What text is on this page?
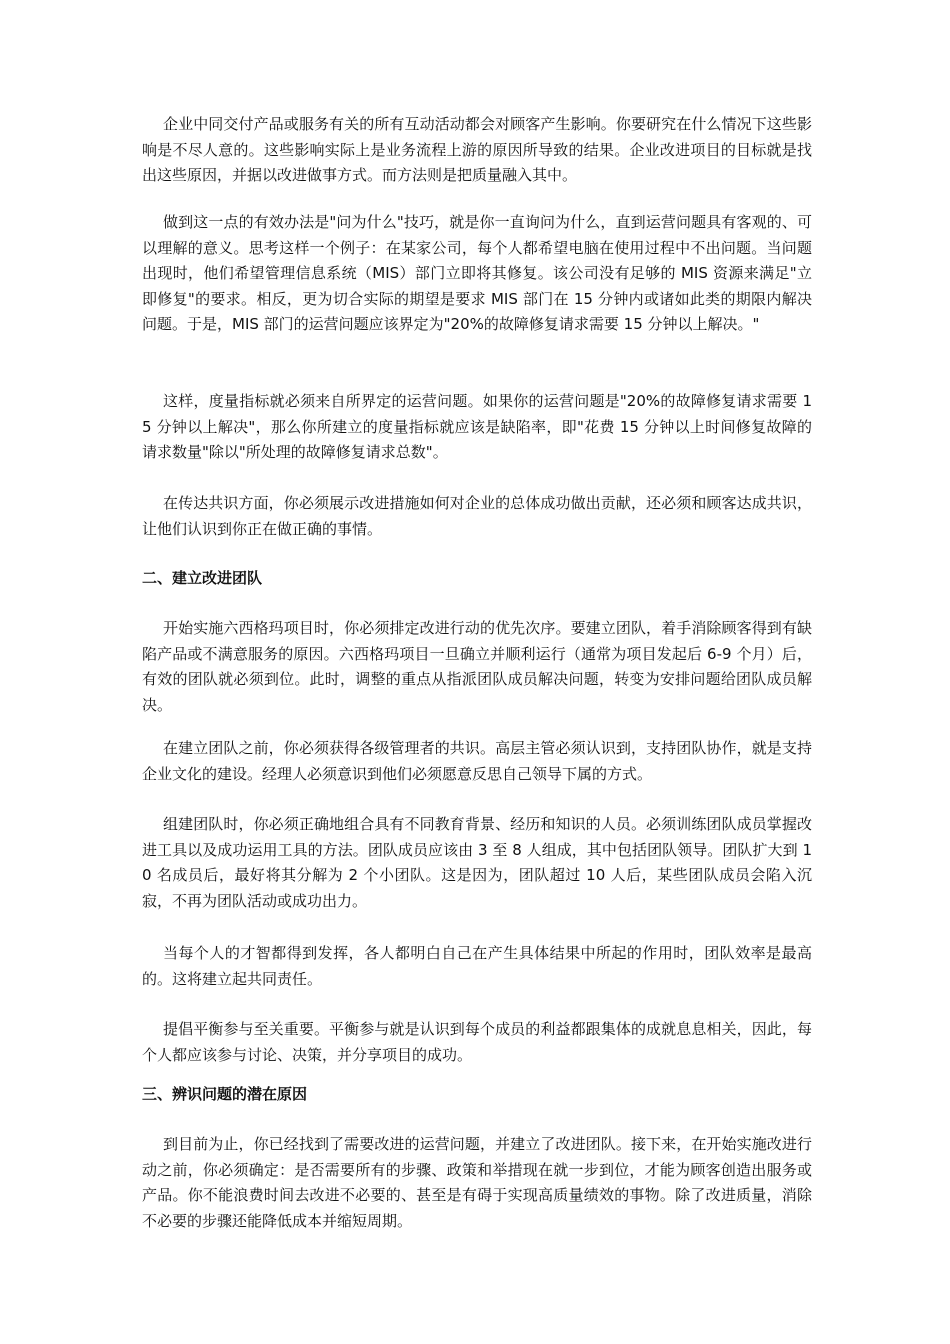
企业中同交付产品或服务有关的所有互动活动都会对顾客产生影响。你要研究在什么情况下这些影响是不尽人意的。这些影响实际上是业务流程上游的原因所导致的结果。企业改进项目的目标就是找出这些原因，并据以改进做事方式。而方法则是把质量融入其中。

做到这一点的有效办法是"问为什么"技巧，就是你一直询问为什么，直到运营问题具有客观的、可以理解的意义。思考这样一个例子：在某家公司，每个人都希望电脑在使用过程中不出问题。当问题出现时，他们希望管理信息系统（MIS）部门立即将其修复。该公司没有足够的 MIS 资源来满足"立即修复"的要求。相反，更为切合实际的期望是要求 MIS 部门在 15 分钟内或诸如此类的期限内解决问题。于是，MIS 部门的运营问题应该界定为"20%的故障修复请求需要 15 分钟以上解决。"

这样，度量指标就必须来自所界定的运营问题。如果你的运营问题是"20%的故障修复请求需要 15 分钟以上解决"，那么你所建立的度量指标就应该是缺陷率，即"花费 15 分钟以上时间修复故障的请求数量"除以"所处理的故障修复请求总数"。

在传达共识方面，你必须展示改进措施如何对企业的总体成功做出贡献，还必须和顾客达成共识，让他们认识到你正在做正确的事情。

二、建立改进团队

开始实施六西格玛项目时，你必须排定改进行动的优先次序。要建立团队，着手消除顾客得到有缺陷产品或不满意服务的原因。六西格玛项目一旦确立并顺利运行（通常为项目发起后 6-9 个月）后，有效的团队就必须到位。此时，调整的重点从指派团队成员解决问题，转变为安排问题给团队成员解决。

在建立团队之前，你必须获得各级管理者的共识。高层主管必须认识到，支持团队协作，就是支持企业文化的建设。经理人必须意识到他们必须愿意反思自己领导下属的方式。

组建团队时，你必须正确地组合具有不同教育背景、经历和知识的人员。必须训练团队成员掌握改进工具以及成功运用工具的方法。团队成员应该由 3 至 8 人组成，其中包括团队领导。团队扩大到 10 名成员后，最好将其分解为 2 个小团队。这是因为，团队超过 10 人后，某些团队成员会陷入沉寂，不再为团队活动或成功出力。

当每个人的才智都得到发挥，各人都明白自己在产生具体结果中所起的作用时，团队效率是最高的。这将建立起共同责任。

提倡平衡参与至关重要。平衡参与就是认识到每个成员的利益都跟集体的成就息息相关，因此，每个人都应该参与讨论、决策，并分享项目的成功。

三、辨识问题的潜在原因

到目前为止，你已经找到了需要改进的运营问题，并建立了改进团队。接下来，在开始实施改进行动之前，你必须确定：是否需要所有的步骤、政策和举措现在就一步到位，才能为顾客创造出服务或产品。你不能浪费时间去改进不必要的、甚至是有碍于实现高质量绩效的事物。除了改进质量，消除不必要的步骤还能降低成本并缩短周期。
